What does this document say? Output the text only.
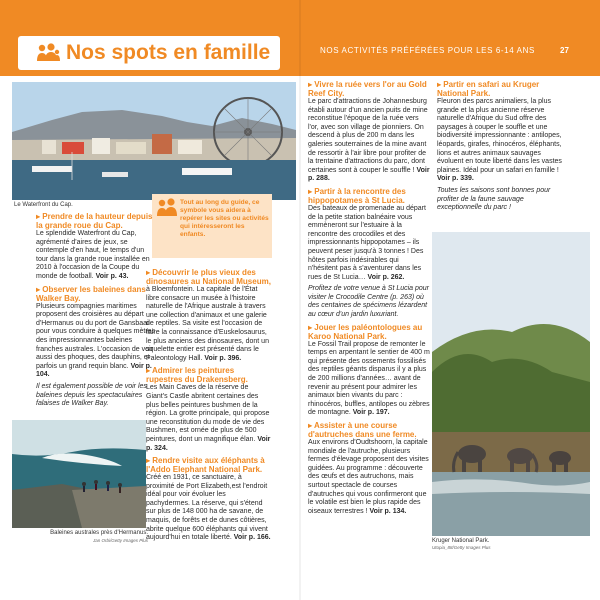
Nos spots en famille	NOS ACTIVITÉS PRÉFÉRÉES POUR LES 6-14 ANS	27
Le Waterfront du Cap.	Tout au long du guide, ce symbole vous aidera à repérer les sites ou activités qui intéresseront les enfants.

▸ Prendre de la hauteur depuis la grande roue du Cap.
Le splendide Waterfront du Cap, agrémenté d'aires de jeux, se contemple d'en haut, le temps d'un tour dans la grande roue installée en 2010 à l'occasion de la Coupe du monde de football. Voir p. 43.

▸ Observer les baleines dans Walker Bay.
Plusieurs compagnies maritimes proposent des croisières au départ d'Hermanus ou du port de Gansbaai pour vous conduire à quelques mètres des impressionnantes baleines franches australes. L'occasion de voir aussi des phoques, des dauphins, et parfois un grand requin blanc. Voir p. 104.

Il est également possible de voir les baleines depuis les spectaculaires falaises de Walker Bay.

Baleines australes près d'Hermanus.
Jan Orbi/Getty Images Plus

▸ Découvrir le plus vieux des dinosaures au National Museum,
à Bloemfontein. La capitale de l'État libre consacre un musée à l'histoire naturelle de l'Afrique australe à travers une collection d'animaux et une galerie de reptiles. Sa visite est l'occasion de faire la connaissance d'Euskelosaurus, le plus anciens des dinosaures, dont un squelette entier est présenté dans le Paleontology Hall. Voir p. 396.

▸ Admirer les peintures rupestres du Drakensberg.
Les Main Caves de la réserve de Giant's Castle abritent certaines des plus belles peintures bushmen de la région. La grotte principale, qui propose une reconstitution du mode de vie des Bushmen, est ornée de plus de 500 peintures, dont un magnifique élan. Voir p. 324.

▸ Rendre visite aux éléphants à l'Addo Elephant National Park.
Créé en 1931, ce sanctuaire, à proximité de Port Elizabeth,est l'endroit idéal pour voir évoluer les pachydermes. La réserve, qui s'étend sur plus de 148 000 ha de savane, de maquis, de forêts et de dunes côtières, abrite quelque 600 éléphants qui vivent aujourd'hui en totale liberté. Voir p. 166.

▸ Vivre la ruée vers l'or au Gold Reef City.
Le parc d'attractions de Johannesburg établi autour d'un ancien puits de mine reconstitue l'époque de la ruée vers l'or, avec son village de pionniers. On descend à plus de 200 m dans les galeries souterraines de la mine avant de ressortir à l'air libre pour profiter de la trentaine d'attractions du parc, dont certaines sont à couper le souffle ! Voir p. 288.

▸ Partir à la rencontre des hippopotames à St Lucia.
Des bateaux de promenade au départ de la petite station balnéaire vous emmèneront sur l'estuaire à la rencontre des crocodiles et des impressionnants hippopotames – ils peuvent peser jusqu'à 3 tonnes ! Des hôtes parfois indésirables qui n'hésitent pas à s'aventurer dans les rues de St Lucia… Voir p. 262.

Profitez de votre venue à St Lucia pour visiter le Crocodile Centre (p. 263) où des centaines de spécimens lézardent au cœur d'un jardin luxuriant.

▸ Jouer les paléontologues au Karoo National Park.
Le Fossil Trail propose de remonter le temps en arpentant le sentier de 400 m qui présente des ossements fossilisés des reptiles géants disparus il y a plus de 200 millions d'années… avant de revenir au présent pour admirer les animaux bien vivants du parc : rhinocéros, buffles, antilopes ou zèbres de montagne. Voir p. 197.

▸ Assister à une course d'autruches dans une ferme.
Aux environs d'Oudtshoorn, la capitale mondiale de l'autruche, plusieurs fermes d'élevage proposent des visites guidées. Au programme : découverte des œufs et des autruchons, mais surtout spectacle de courses d'autruches qui vous confirmeront que le volatile est bien le plus rapide des oiseaux terrestres ! Voir p. 134.

▸ Partir en safari au Kruger National Park.
Fleuron des parcs animaliers, la plus grande et la plus ancienne réserve naturelle d'Afrique du Sud offre des paysages à couper le souffle et une biodiversité impressionnante : antilopes, léopards, girafes, rhinocéros, éléphants, lions et autres animaux sauvages évoluent en toute liberté dans les vastes plaines. Idéal pour un safari en famille ! Voir p. 339.

Toutes les saisons sont bonnes pour profiter de la faune sauvage exceptionnelle du parc !

Kruger National Park.
Utopia_88/Getty Images Plus
